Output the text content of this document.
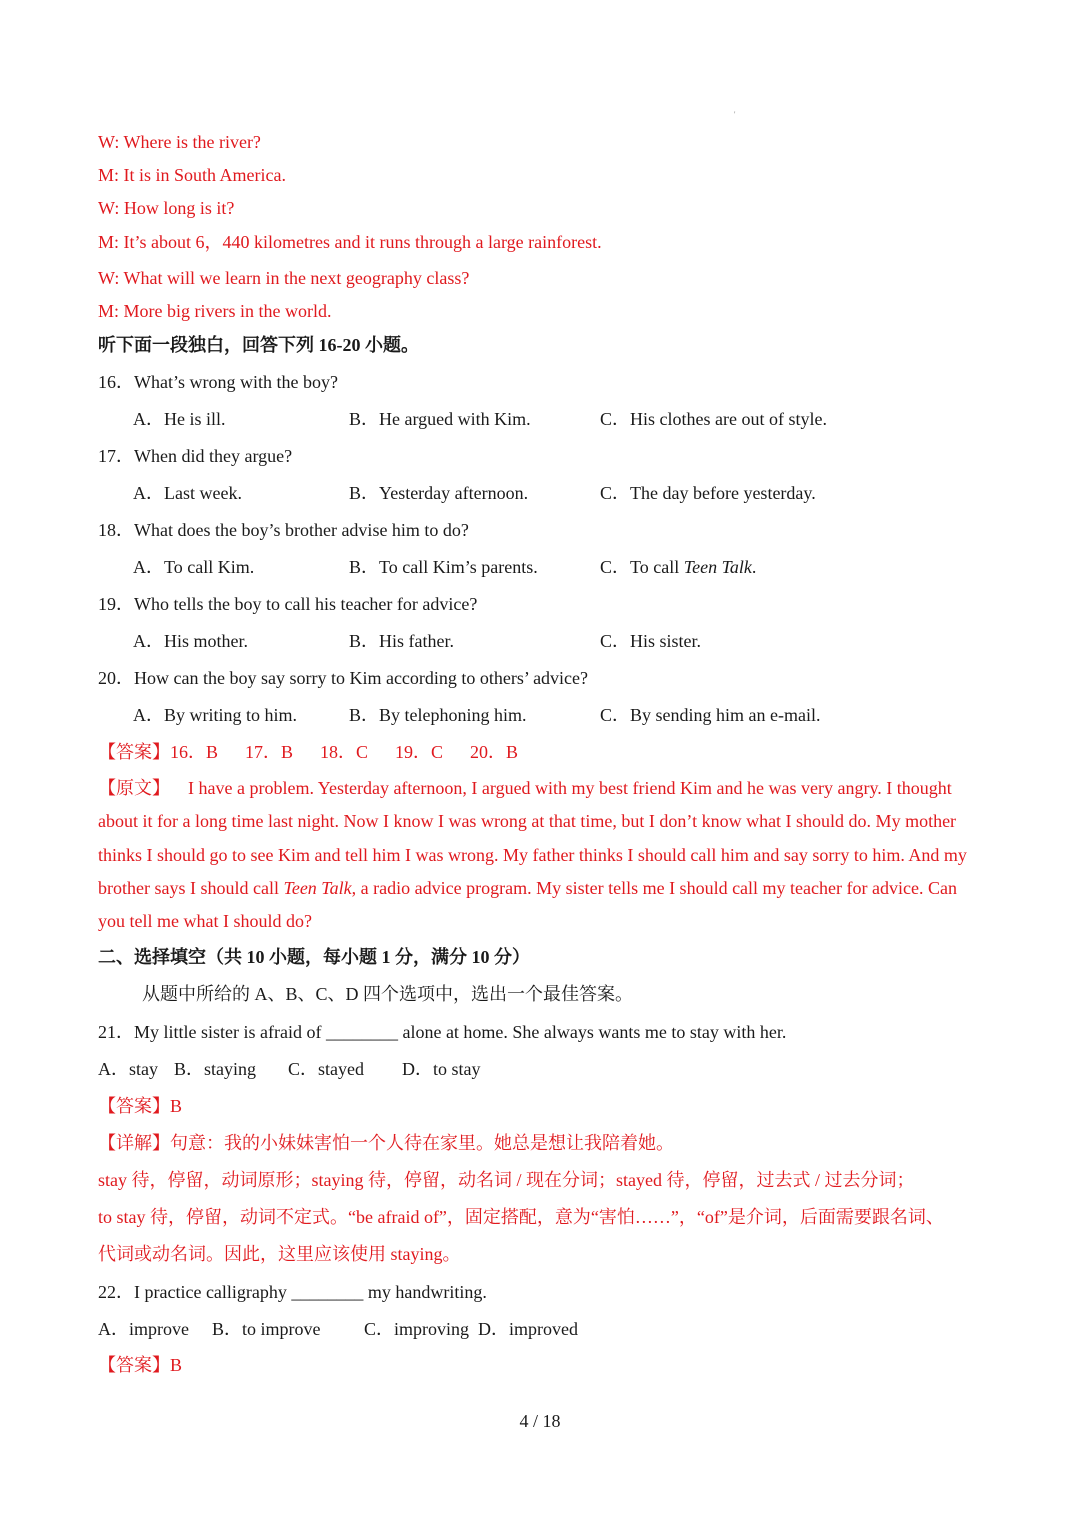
'
W: Where is the river?
M: It is in South America.
W: How long is it?
M: It’s about 6，440 kilometres and it runs through a large rainforest.
W: What will we learn in the next geography class?
M: More big rivers in the world.
听下面一段独白，回答下列 16-20 小题。
16．What’s wrong with the boy?
A．He is ill.	B．He argued with Kim.	C．His clothes are out of style.
17．When did they argue?
A．Last week.	B．Yesterday afternoon.	C．The day before yesterday.
18．What does the boy’s brother advise him to do?
A．To call Kim.	B．To call Kim’s parents.	C．To call Teen Talk.
19．Who tells the boy to call his teacher for advice?
A．His mother.	B．His father.	C．His sister.
20．How can the boy say sorry to Kim according to others’ advice?
A．By writing to him.	B．By telephoning him.	C．By sending him an e-mail.
【答案】16．B      17．B      18．C      19．C      20．B
【原文】 I have a problem. Yesterday afternoon, I argued with my best friend Kim and he was very angry. I thought about it for a long time last night. Now I know I was wrong at that time, but I don’t know what I should do. My mother thinks I should go to see Kim and tell him I was wrong. My father thinks I should call him and say sorry to him. And my brother says I should call Teen Talk, a radio advice program. My sister tells me I should call my teacher for advice. Can you tell me what I should do?
二、选择填空（共 10 小题，每小题 1 分，满分 10 分）
从题中所给的 A、B、C、D 四个选项中，选出一个最佳答案。
21．My little sister is afraid of ________ alone at home. She always wants me to stay with her.
A．stay B．staying C．stayed D．to stay
【答案】B
【详解】句意：我的小妹妹害怕一个人待在家里。她总是想让我陪着她。
stay 待，停留，动词原形；staying 待，停留，动名词 / 现在分词；stayed 待，停留，过去式 / 过去分词；
to stay 待，停留，动词不定式。“be afraid of”，固定搭配，意为“害怕……”，“of”是介词，后面需要跟名词、
代词或动名词。因此，这里应该使用 staying。
22．I practice calligraphy ________ my handwriting.
A．improve B．to improve C．improving D．improved
【答案】B
4 / 18
